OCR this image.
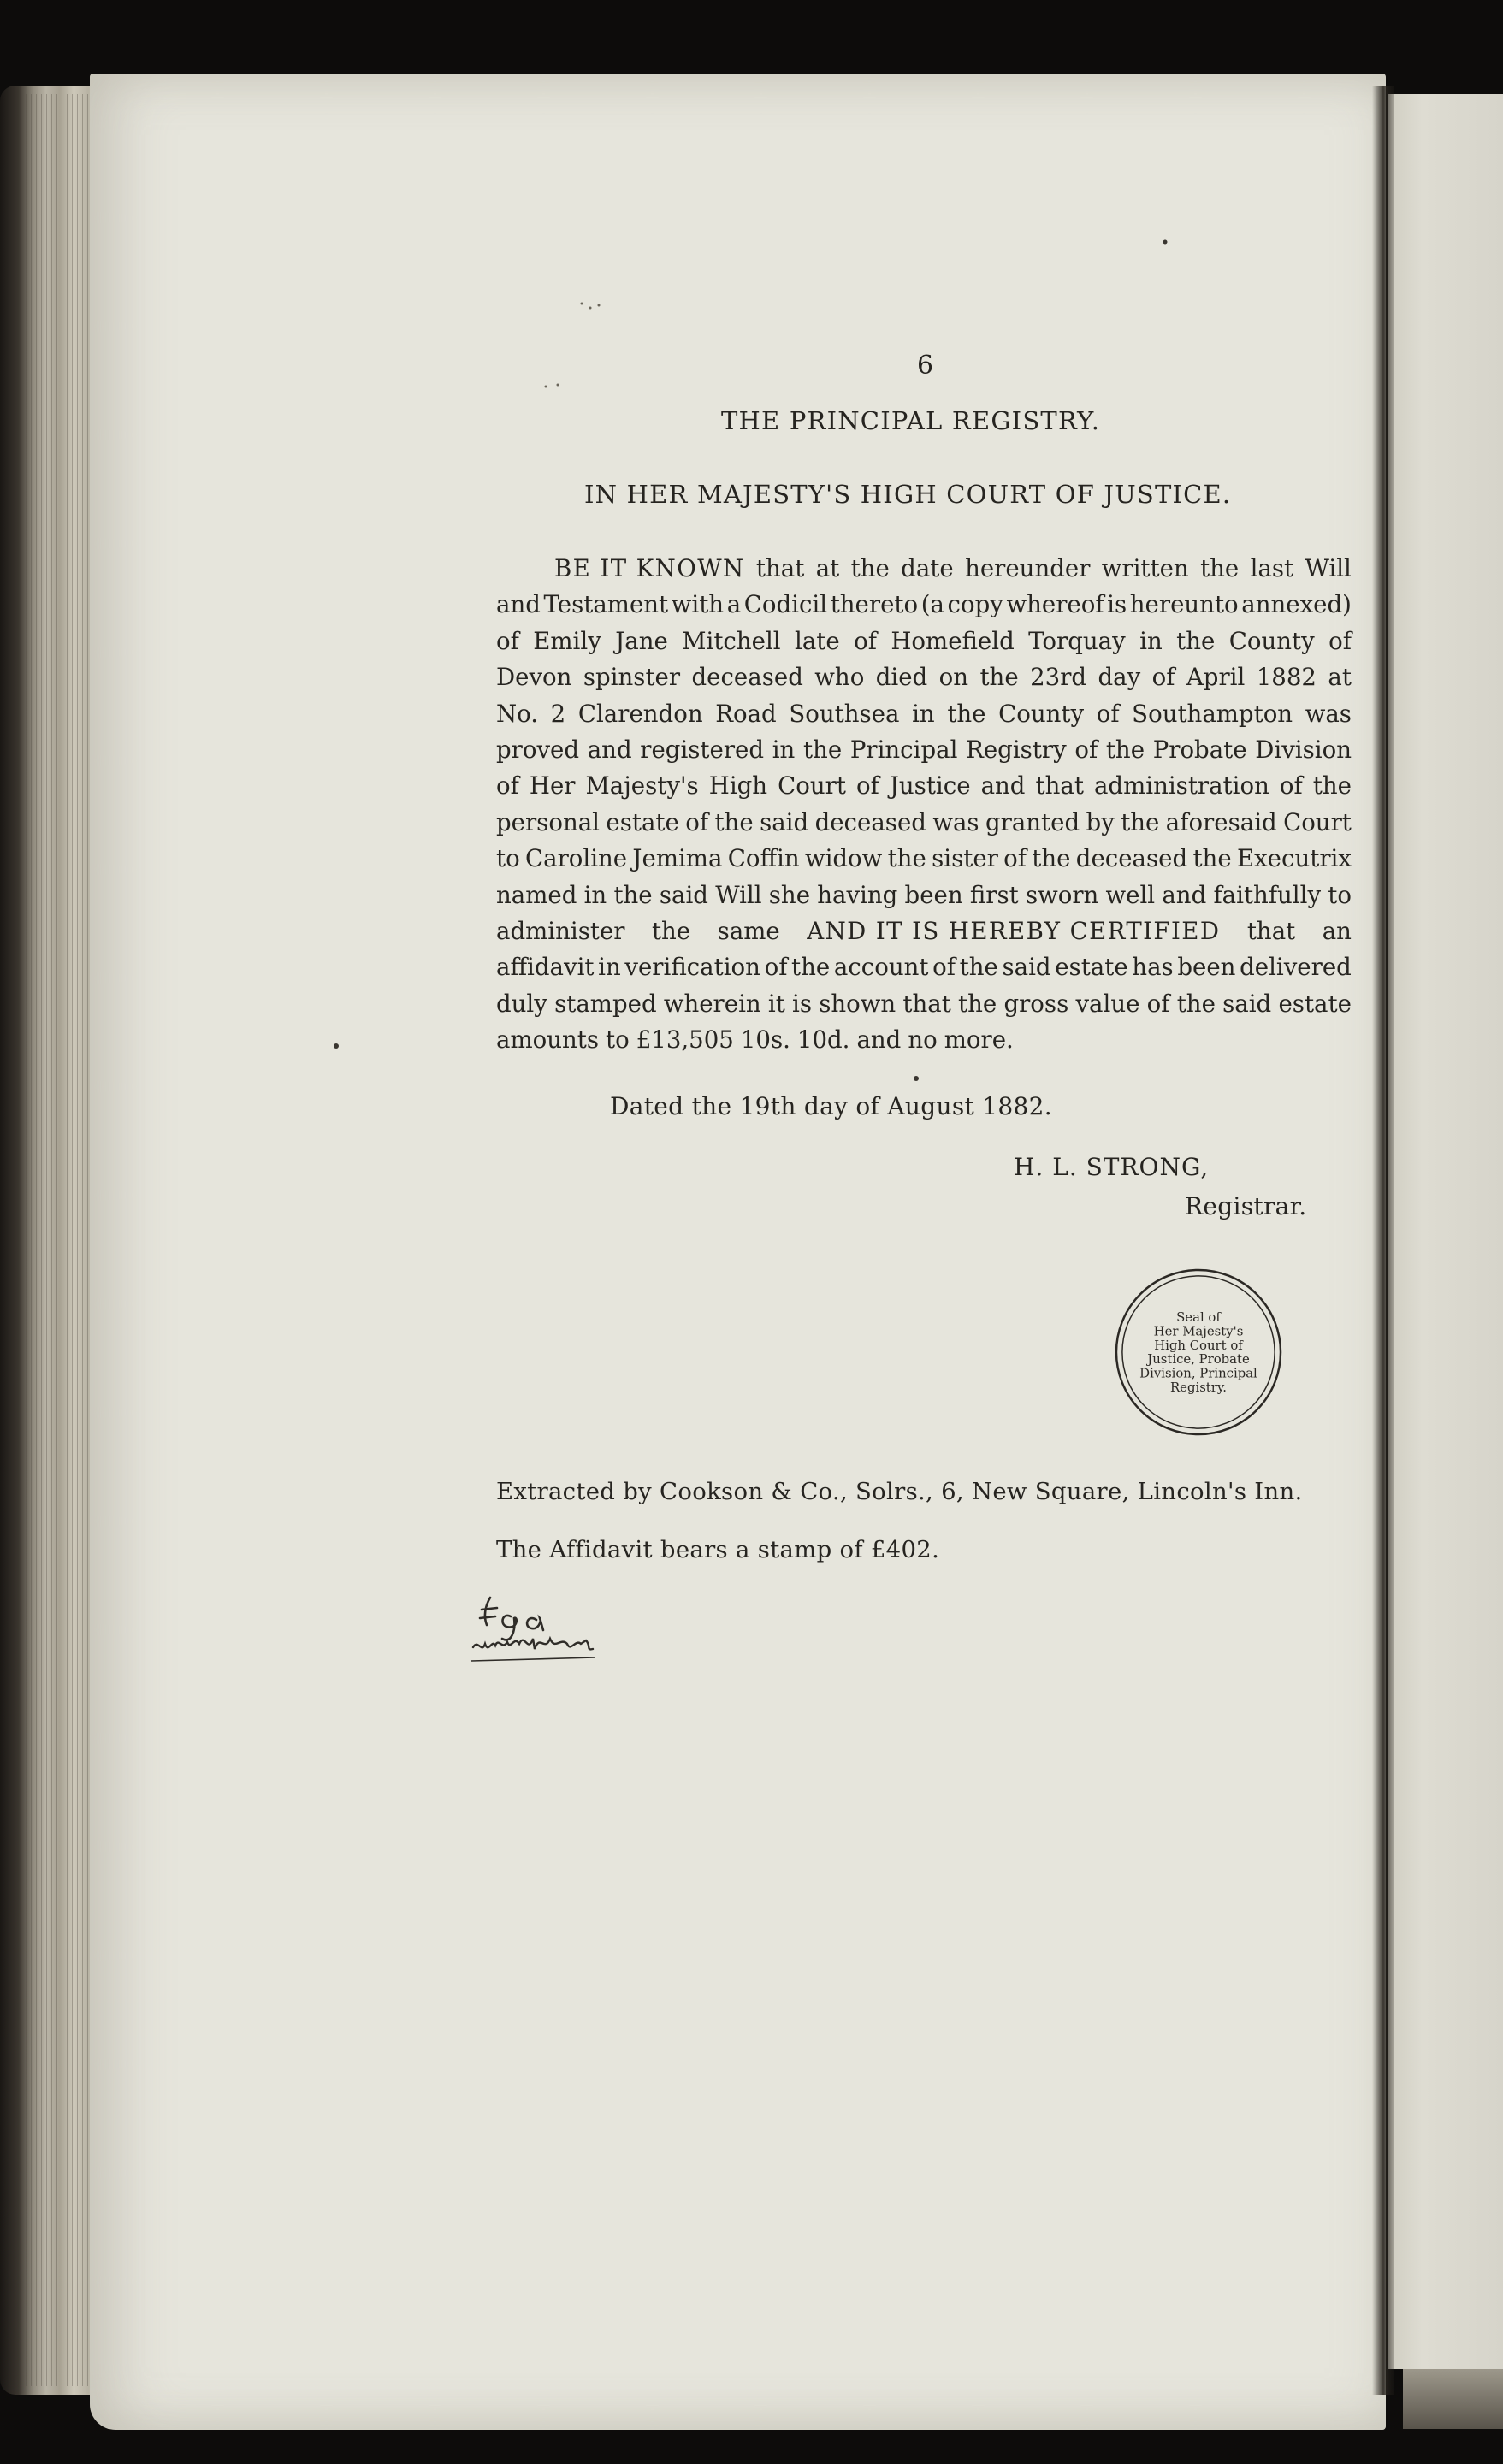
6
THE PRINCIPAL REGISTRY.
IN HER MAJESTY'S HIGH COURT OF JUSTICE.
BE IT KNOWN that at the date hereunder written the last Will
and Testament with a Codicil thereto (a copy whereof is hereunto annexed)
of Emily Jane Mitchell late of Homefield Torquay in the County of
Devon spinster deceased who died on the 23rd day of April 1882 at
No. 2 Clarendon Road Southsea in the County of Southampton was
proved and registered in the Principal Registry of the Probate Division
of Her Majesty's High Court of Justice and that administration of the
personal estate of the said deceased was granted by the aforesaid Court
to Caroline Jemima Coffin widow the sister of the deceased the Executrix
named in the said Will she having been first sworn well and faithfully to
administer the same AND IT IS HEREBY CERTIFIED that an
affidavit in verification of the account of the said estate has been delivered
duly stamped wherein it is shown that the gross value of the said estate
amounts to £13,505 10s. 10d. and no more.
Dated the 19th day of August 1882.
H. L. STRONG,
Registrar.
Seal of
Her Majesty's
High Court of
Justice, Probate
Division, Principal
Registry.
Extracted by Cookson & Co., Solrs., 6, New Square, Lincoln's Inn.
The Affidavit bears a stamp of £402.
